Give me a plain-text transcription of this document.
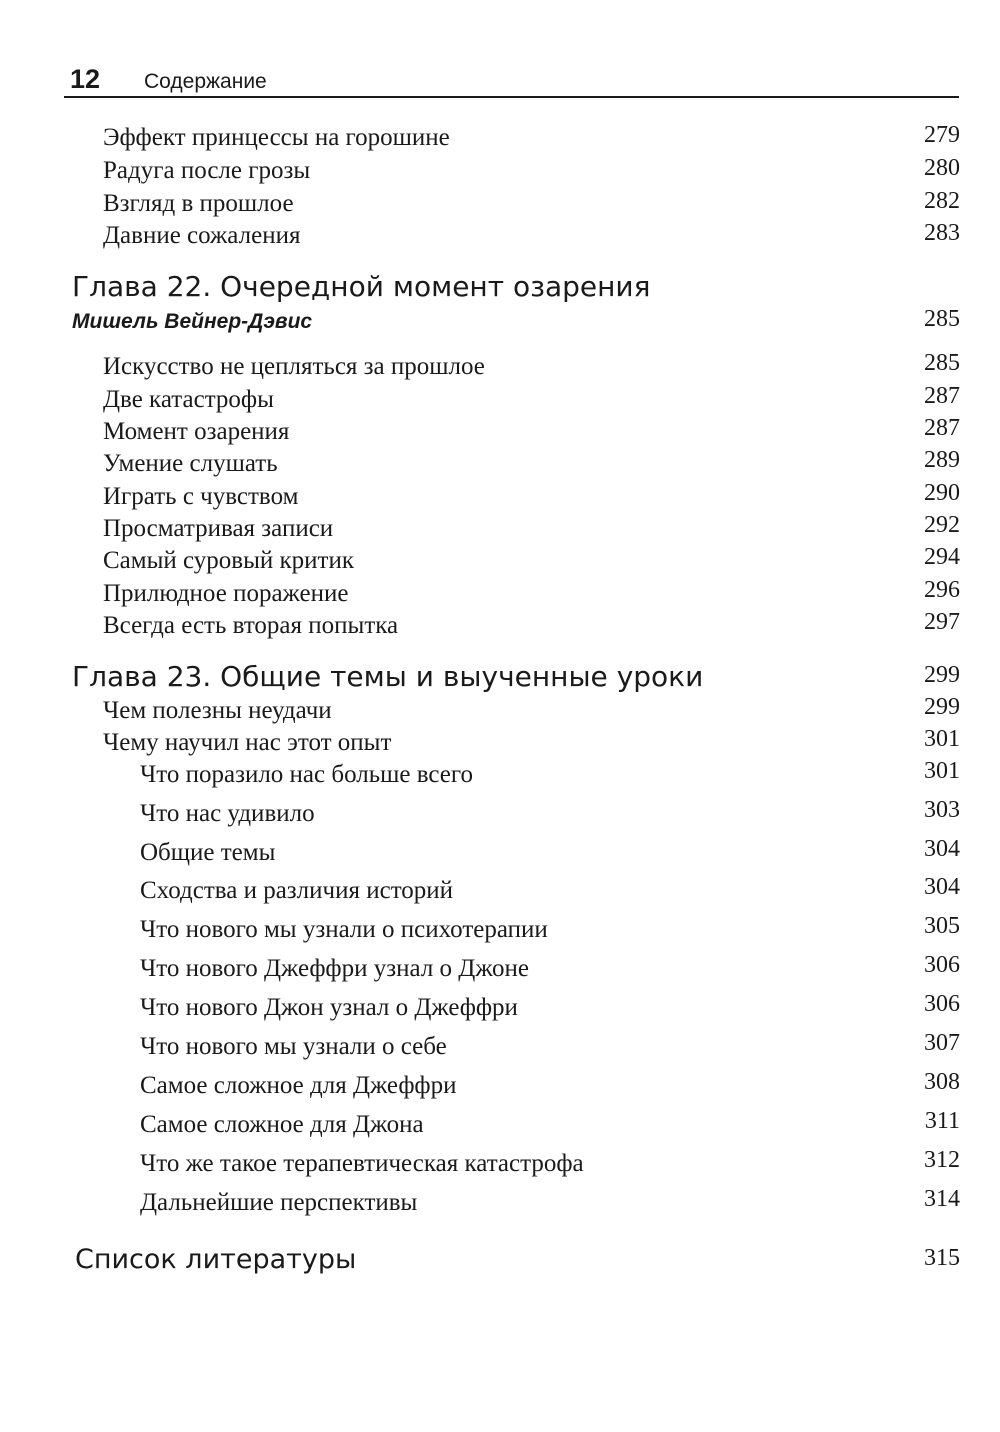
12 Содержание
Эффект принцессы на горошине	279
Радуга после грозы	280
Взгляд в прошлое	282
Давние сожаления	283
Глава 22. Очередной момент озарения
Мишель Вейнер-Дэвис	285
Искусство не цепляться за прошлое	285
Две катастрофы	287
Момент озарения	287
Умение слушать	289
Играть с чувством	290
Просматривая записи	292
Самый суровый критик	294
Прилюдное поражение	296
Всегда есть вторая попытка	297
Глава 23. Общие темы и выученные уроки	299
Чем полезны неудачи	299
Чему научил нас этот опыт	301
Что поразило нас больше всего	301
Что нас удивило	303
Общие темы	304
Сходства и различия историй	304
Что нового мы узнали о психотерапии	305
Что нового Джеффри узнал о Джоне	306
Что нового Джон узнал о Джеффри	306
Что нового мы узнали о себе	307
Самое сложное для Джеффри	308
Самое сложное для Джона	311
Что же такое терапевтическая катастрофа	312
Дальнейшие перспективы	314
Список литературы	315
